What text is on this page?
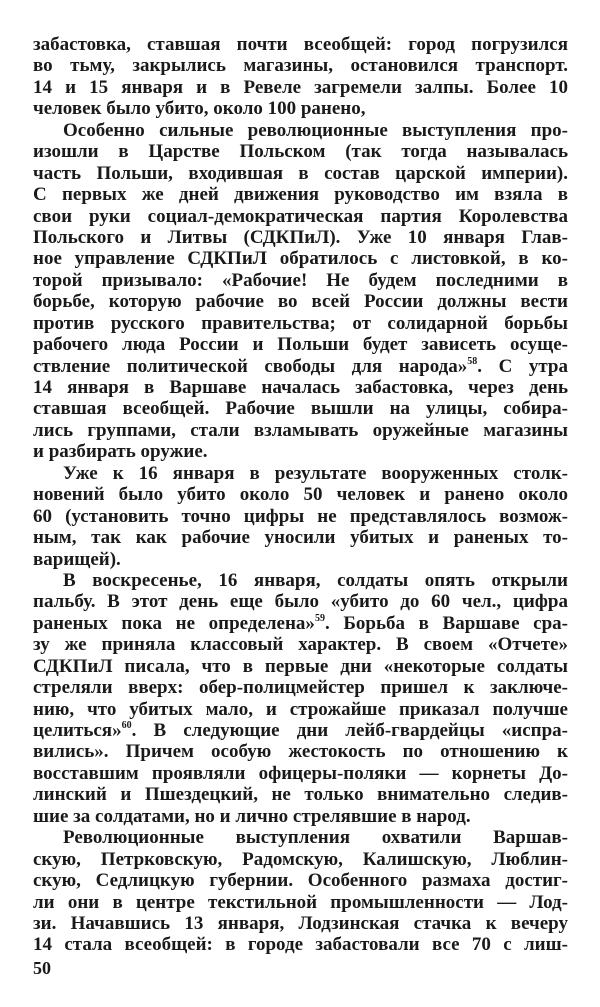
забастовка, ставшая почти всеобщей: город погрузился
во тьму, закрылись магазины, остановился транспорт.
14 и 15 января и в Ревеле загремели залпы. Более 10
человек было убито, около 100 ранено,
Особенно сильные революционные выступления про-
изошли в Царстве Польском (так тогда называлась
часть Польши, входившая в состав царской империи).
С первых же дней движения руководство им взяла в
свои руки социал-демократическая партия Королевства
Польского и Литвы (СДКПиЛ). Уже 10 января Глав-
ное управление СДКПиЛ обратилось с листовкой, в ко-
торой призывало: «Рабочие! Не будем последними в
борьбе, которую рабочие во всей России должны вести
против русского правительства; от солидарной борьбы
рабочего люда России и Польши будет зависеть осуще-
ствление политической свободы для народа»$^{58}$. С утра
14 января в Варшаве началась забастовка, через день
ставшая всеобщей. Рабочие вышли на улицы, собира-
лись группами, стали взламывать оружейные магазины
и разбирать оружие.
Уже к 16 января в результате вооруженных столк-
новений было убито около 50 человек и ранено около
60 (установить точно цифры не представлялось возмож-
ным, так как рабочие уносили убитых и раненых то-
варищей).
В воскресенье, 16 января, солдаты опять открыли
пальбу. В этот день еще было «убито до 60 чел., цифра
раненых пока не определена»$^{59}$. Борьба в Варшаве сра-
зу же приняла классовый характер. В своем «Отчете»
СДКПиЛ писала, что в первые дни «некоторые солдаты
стреляли вверх: обер-полицмейстер пришел к заключе-
нию, что убитых мало, и строжайше приказал получше
целиться»$^{60}$. В следующие дни лейб-гвардейцы «испра-
вились». Причем особую жестокость по отношению к
восставшим проявляли офицеры-поляки — корнеты До-
линский и Пшездецкий, не только внимательно следив-
шие за солдатами, но и лично стрелявшие в народ.
Революционные выступления охватили Варшав-
скую, Петрковскую, Радомскую, Калишскую, Люблин-
скую, Седлицкую губернии. Особенного размаха достиг-
ли они в центре текстильной промышленности — Лод-
зи. Начавшись 13 января, Лодзинская стачка к вечеру
14 стала всеобщей: в городе забастовали все 70 с лиш-
50
